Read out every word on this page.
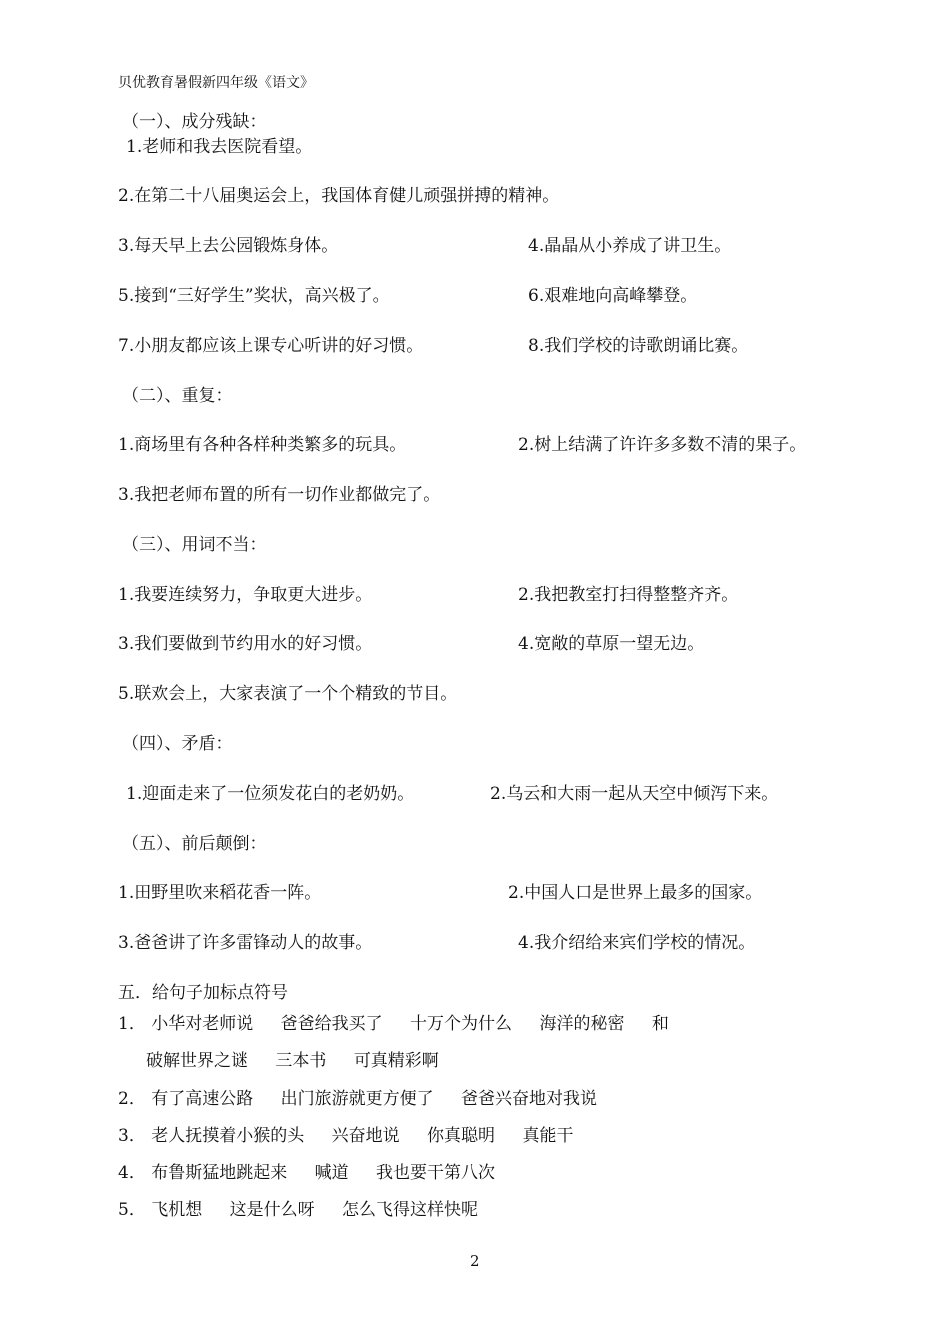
贝优教育暑假新四年级《语文》
（一）、成分残缺：
1.老师和我去医院看望。
2.在第二十八届奥运会上，我国体育健儿顽强拼搏的精神。
3.每天早上去公园锻炼身体。	4.晶晶从小养成了讲卫生。
5.接到“三好学生”奖状，高兴极了。	6.艰难地向高峰攀登。
7.小朋友都应该上课专心听讲的好习惯。	8.我们学校的诗歌朗诵比赛。
（二）、重复：
1.商场里有各种各样种类繁多的玩具。	2.树上结满了许许多多数不清的果子。
3.我把老师布置的所有一切作业都做完了。
（三）、用词不当：
1.我要连续努力，争取更大进步。	2.我把教室打扫得整整齐齐。
3.我们要做到节约用水的好习惯。	4.宽敞的草原一望无边。
5.联欢会上，大家表演了一个个精致的节目。
（四）、矛盾：
1.迎面走来了一位须发花白的老奶奶。	2.乌云和大雨一起从天空中倾泻下来。
（五）、前后颠倒：
1.田野里吹来稻花香一阵。	2.中国人口是世界上最多的国家。
3.爸爸讲了许多雷锋动人的故事。	4.我介绍给来宾们学校的情况。
五．给句子加标点符号
1． 小华对老师说 爸爸给我买了 十万个为什么 海洋的秘密 和
破解世界之谜 三本书 可真精彩啊
2． 有了高速公路 出门旅游就更方便了 爸爸兴奋地对我说
3． 老人抚摸着小猴的头 兴奋地说 你真聪明 真能干
4． 布鲁斯猛地跳起来 喊道 我也要干第八次
5． 飞机想 这是什么呀 怎么飞得这样快呢
2
